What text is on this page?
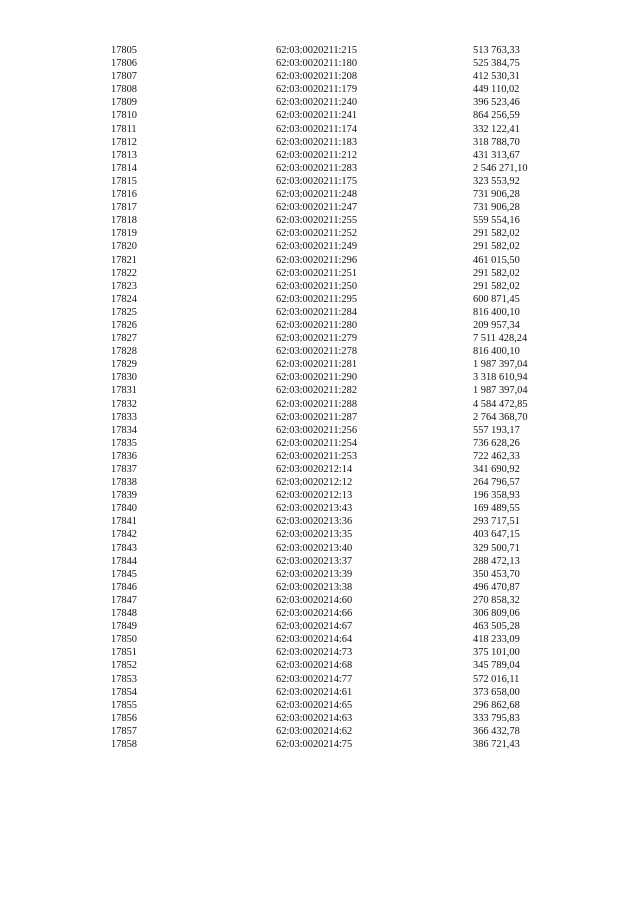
17805	62:03:0020211:215	513 763,33
17806	62:03:0020211:180	525 384,75
17807	62:03:0020211:208	412 530,31
17808	62:03:0020211:179	449 110,02
17809	62:03:0020211:240	396 523,46
17810	62:03:0020211:241	864 256,59
17811	62:03:0020211:174	332 122,41
17812	62:03:0020211:183	318 788,70
17813	62:03:0020211:212	431 313,67
17814	62:03:0020211:283	2 546 271,10
17815	62:03:0020211:175	323 553,92
17816	62:03:0020211:248	731 906,28
17817	62:03:0020211:247	731 906,28
17818	62:03:0020211:255	559 554,16
17819	62:03:0020211:252	291 582,02
17820	62:03:0020211:249	291 582,02
17821	62:03:0020211:296	461 015,50
17822	62:03:0020211:251	291 582,02
17823	62:03:0020211:250	291 582,02
17824	62:03:0020211:295	600 871,45
17825	62:03:0020211:284	816 400,10
17826	62:03:0020211:280	209 957,34
17827	62:03:0020211:279	7 511 428,24
17828	62:03:0020211:278	816 400,10
17829	62:03:0020211:281	1 987 397,04
17830	62:03:0020211:290	3 318 610,94
17831	62:03:0020211:282	1 987 397,04
17832	62:03:0020211:288	4 584 472,85
17833	62:03:0020211:287	2 764 368,70
17834	62:03:0020211:256	557 193,17
17835	62:03:0020211:254	736 628,26
17836	62:03:0020211:253	722 462,33
17837	62:03:0020212:14	341 690,92
17838	62:03:0020212:12	264 796,57
17839	62:03:0020212:13	196 358,93
17840	62:03:0020213:43	169 489,55
17841	62:03:0020213:36	293 717,51
17842	62:03:0020213:35	403 647,15
17843	62:03:0020213:40	329 500,71
17844	62:03:0020213:37	288 472,13
17845	62:03:0020213:39	350 453,70
17846	62:03:0020213:38	496 470,87
17847	62:03:0020214:60	270 858,32
17848	62:03:0020214:66	306 809,06
17849	62:03:0020214:67	463 505,28
17850	62:03:0020214:64	418 233,09
17851	62:03:0020214:73	375 101,00
17852	62:03:0020214:68	345 789,04
17853	62:03:0020214:77	572 016,11
17854	62:03:0020214:61	373 658,00
17855	62:03:0020214:65	296 862,68
17856	62:03:0020214:63	333 795,83
17857	62:03:0020214:62	366 432,78
17858	62:03:0020214:75	386 721,43
